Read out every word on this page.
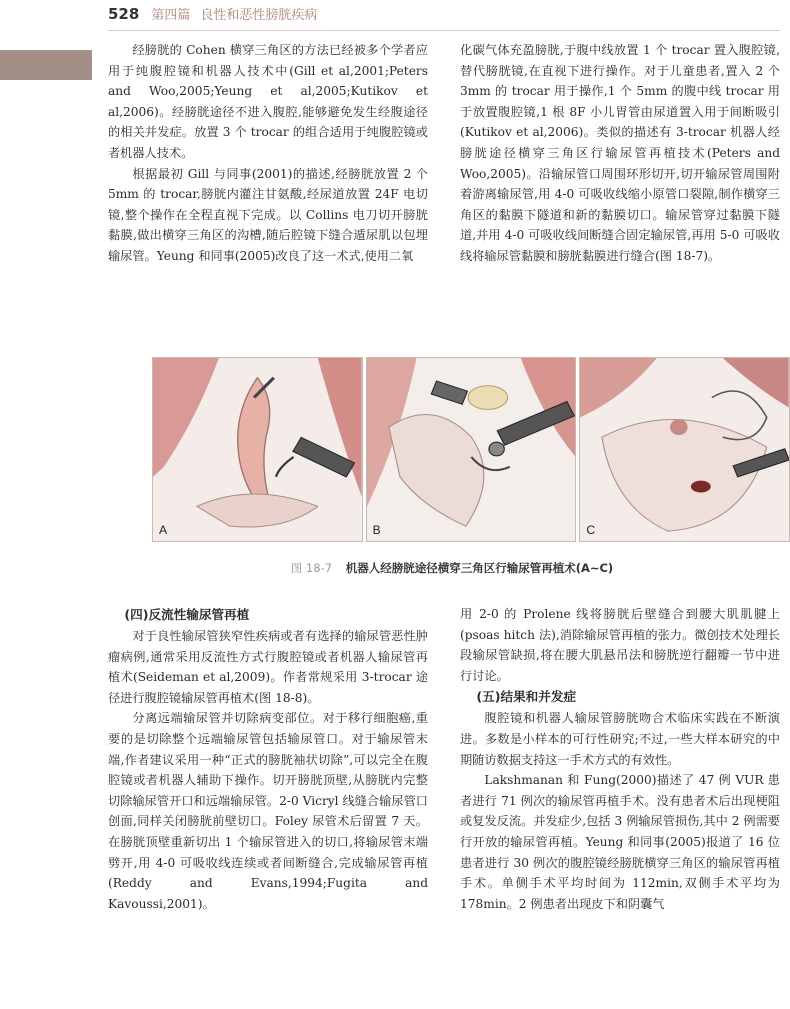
528 第四篇 良性和恶性膀胱疾病

经膀胱的 Cohen 横穿三角区的方法已经被多个学者应用于纯腹腔镜和机器人技术中(Gill et al,2001;Peters and Woo,2005;Yeung et al,2005;Kutikov et al,2006)。经膀胱途径不进入腹腔,能够避免发生经腹途径的相关并发症。放置 3 个 trocar 的组合适用于纯腹腔镜或者机器人技术。

根据最初 Gill 与同事(2001)的描述,经膀胱放置 2 个 5mm 的 trocar,膀胱内灌注甘氨酸,经尿道放置 24F 电切镜,整个操作在全程直视下完成。以 Collins 电刀切开膀胱黏膜,做出横穿三角区的沟槽,随后腔镜下缝合遁尿肌以包埋输尿管。Yeung 和同事(2005)改良了这一术式,使用二氧

化碳气体充盈膀胱,于腹中线放置 1 个 trocar 置入腹腔镜,替代膀胱镜,在直视下进行操作。对于儿童患者,置入 2 个 3mm 的 trocar 用于操作,1 个 5mm 的腹中线 trocar 用于放置腹腔镜,1 根 8F 小儿胃管由尿道置入用于间断吸引(Kutikov et al,2006)。类似的描述有 3-trocar 机器人经膀胱途径横穿三角区行输尿管再植技术(Peters and Woo,2005)。沿输尿管口周围环形切开,切开输尿管周围附着游离输尿管,用 4-0 可吸收线缩小原管口裂隙,制作横穿三角区的黏膜下隧道和新的黏膜切口。输尿管穿过黏膜下隧道,并用 4-0 可吸收线间断缝合固定输尿管,再用 5-0 可吸收线将输尿管黏膜和膀胱黏膜进行缝合(图 18-7)。

A	B	C
图 18-7 机器人经膀胱途径横穿三角区行输尿管再植术(A~C)
(四)反流性输尿管再植

对于良性输尿管狭窄性疾病或者有选择的输尿管恶性肿瘤病例,通常采用反流性方式行腹腔镜或者机器人输尿管再植术(Seideman et al,2009)。作者常规采用 3-trocar 途径进行腹腔镜输尿管再植术(图 18-8)。

分离远端输尿管并切除病变部位。对于移行细胞癌,重要的是切除整个远端输尿管包括输尿管口。对于输尿管末端,作者建议采用一种“正式的膀胱袖状切除”,可以完全在腹腔镜或者机器人辅助下操作。切开膀胱顶壁,从膀胱内完整切除输尿管开口和远端输尿管。2-0 Vicryl 线缝合输尿管口创面,同样关闭膀胱前壁切口。Foley 尿管术后留置 7 天。在膀胱顶壁重新切出 1 个输尿管进入的切口,将输尿管末端劈开,用 4-0 可吸收线连续或者间断缝合,完成输尿管再植(Reddy and Evans,1994;Fugita and Kavoussi,2001)。

用 2-0 的 Prolene 线将膀胱后壁缝合到腰大肌肌腱上(psoas hitch 法),消除输尿管再植的张力。微创技术处理长段输尿管缺损,将在腰大肌悬吊法和膀胱逆行翻瓣一节中进行讨论。

(五)结果和并发症

腹腔镜和机器人输尿管膀胱吻合术临床实践在不断演进。多数是小样本的可行性研究;不过,一些大样本研究的中期随访数据支持这一手术方式的有效性。

Lakshmanan 和 Fung(2000)描述了 47 例 VUR 患者进行 71 例次的输尿管再植手术。没有患者术后出现梗阻或复发反流。并发症少,包括 3 例输尿管损伤,其中 2 例需要行开放的输尿管再植。Yeung 和同事(2005)报道了 16 位患者进行 30 例次的腹腔镜经膀胱横穿三角区的输尿管再植手术。单侧手术平均时间为 112min,双侧手术平均为 178min。2 例患者出现皮下和阴囊气
